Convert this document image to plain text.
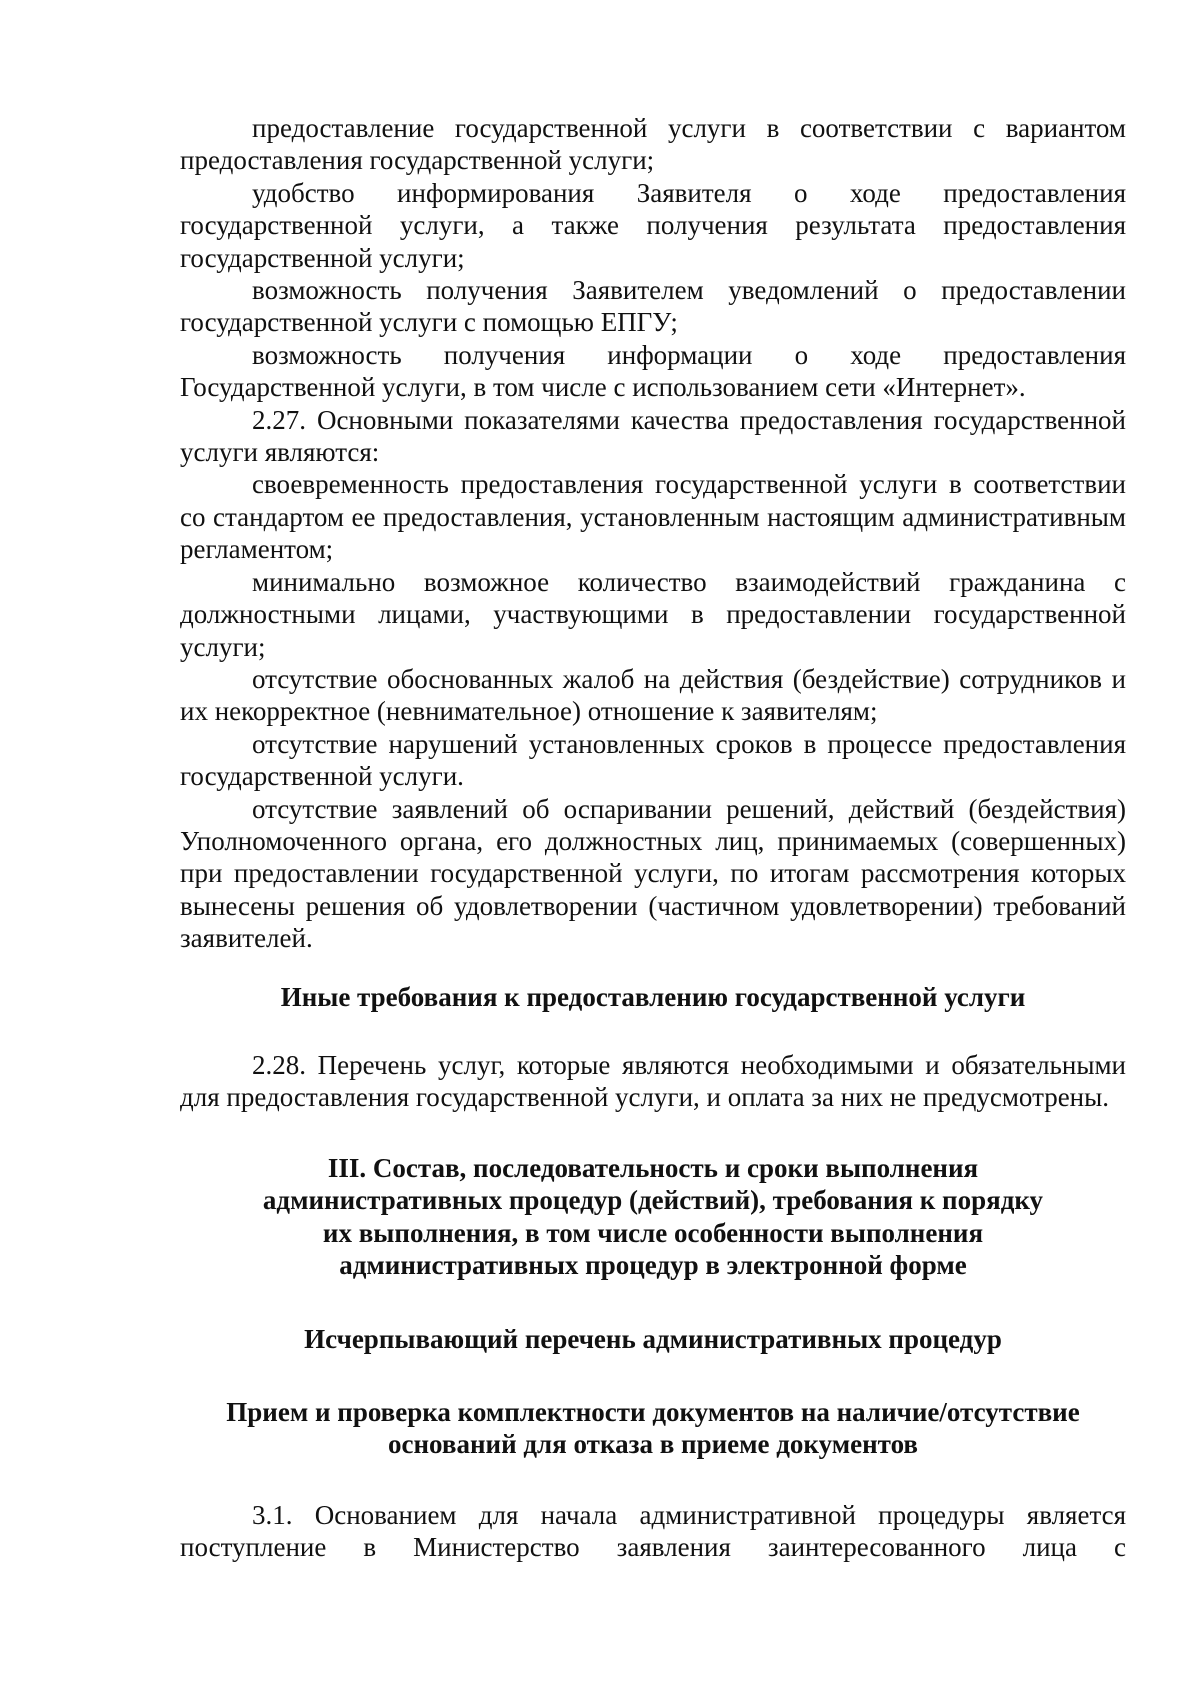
предоставление государственной услуги в соответствии с вариантом предоставления государственной услуги;

удобство информирования Заявителя о ходе предоставления государственной услуги, а также получения результата предоставления государственной услуги;

возможность получения Заявителем уведомлений о предоставлении государственной услуги с помощью ЕПГУ;

возможность получения информации о ходе предоставления Государственной услуги, в том числе с использованием сети «Интернет».

2.27. Основными показателями качества предоставления государственной услуги являются:

своевременность предоставления государственной услуги в соответствии со стандартом ее предоставления, установленным настоящим административным регламентом;

минимально возможное количество взаимодействий гражданина с должностными лицами, участвующими в предоставлении государственной услуги;

отсутствие обоснованных жалоб на действия (бездействие) сотрудников и их некорректное (невнимательное) отношение к заявителям;

отсутствие нарушений установленных сроков в процессе предоставления государственной услуги.

отсутствие заявлений об оспаривании решений, действий (бездействия) Уполномоченного органа, его должностных лиц, принимаемых (совершенных) при предоставлении государственной услуги, по итогам рассмотрения которых вынесены решения об удовлетворении (частичном удовлетворении) требований заявителей.

Иные требования к предоставлению государственной услуги

2.28. Перечень услуг, которые являются необходимыми и обязательными для предоставления государственной услуги, и оплата за них не предусмотрены.

III. Состав, последовательность и сроки выполнения
административных процедур (действий), требования к порядку
их выполнения, в том числе особенности выполнения
административных процедур в электронной форме
Исчерпывающий перечень административных процедур
Прием и проверка комплектности документов на наличие/отсутствие
оснований для отказа в приеме документов

3.1. Основанием для начала административной процедуры является поступление в Министерство заявления заинтересованного лица с
